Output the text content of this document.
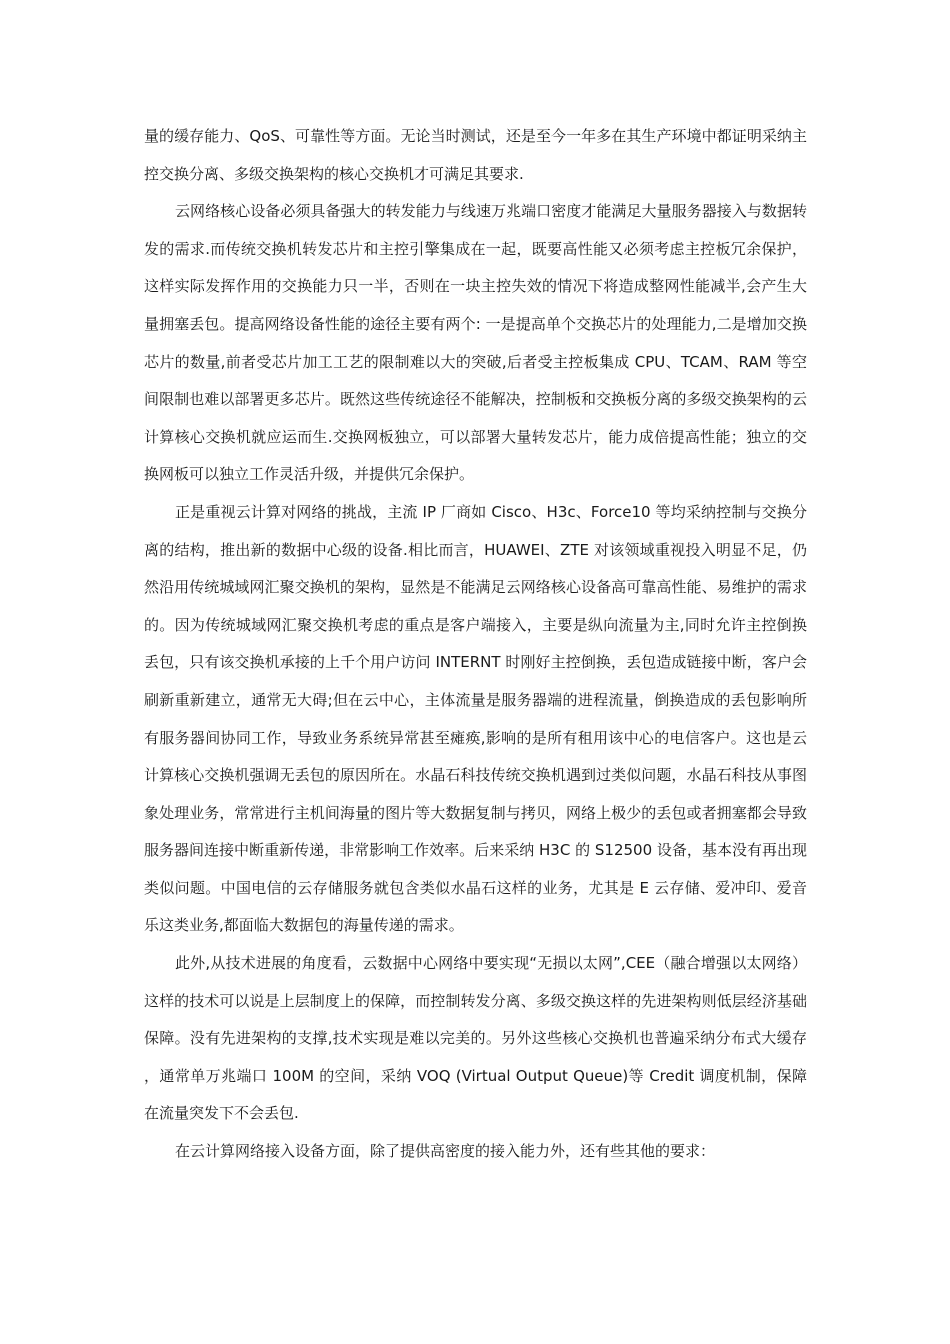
量的缓存能力、QoS、可靠性等方面。无论当时测试，还是至今一年多在其生产环境中都证明采纳主控交换分离、多级交换架构的核心交换机才可满足其要求.

云网络核心设备必须具备强大的转发能力与线速万兆端口密度才能满足大量服务器接入与数据转发的需求.而传统交换机转发芯片和主控引擎集成在一起，既要高性能又必须考虑主控板冗余保护，这样实际发挥作用的交换能力只一半，否则在一块主控失效的情况下将造成整网性能减半,会产生大量拥塞丢包。提高网络设备性能的途径主要有两个: 一是提高单个交换芯片的处理能力,二是增加交换芯片的数量,前者受芯片加工工艺的限制难以大的突破,后者受主控板集成 CPU、TCAM、RAM 等空间限制也难以部署更多芯片。既然这些传统途径不能解决，控制板和交换板分离的多级交换架构的云计算核心交换机就应运而生.交换网板独立，可以部署大量转发芯片，能力成倍提高性能；独立的交换网板可以独立工作灵活升级，并提供冗余保护。

正是重视云计算对网络的挑战，主流 IP 厂商如 Cisco、H3c、Force10 等均采纳控制与交换分离的结构，推出新的数据中心级的设备.相比而言，HUAWEI、ZTE 对该领域重视投入明显不足，仍然沿用传统城域网汇聚交换机的架构，显然是不能满足云网络核心设备高可靠高性能、易维护的需求的。因为传统城域网汇聚交换机考虑的重点是客户端接入，主要是纵向流量为主,同时允许主控倒换丢包，只有该交换机承接的上千个用户访问 INTERNT 时刚好主控倒换，丢包造成链接中断，客户会刷新重新建立，通常无大碍;但在云中心，主体流量是服务器端的进程流量，倒换造成的丢包影响所有服务器间协同工作，导致业务系统异常甚至瘫痪,影响的是所有租用该中心的电信客户。这也是云计算核心交换机强调无丢包的原因所在。水晶石科技传统交换机遇到过类似问题，水晶石科技从事图象处理业务，常常进行主机间海量的图片等大数据复制与拷贝，网络上极少的丢包或者拥塞都会导致服务器间连接中断重新传递，非常影响工作效率。后来采纳 H3C 的 S12500 设备，基本没有再出现类似问题。中国电信的云存储服务就包含类似水晶石这样的业务，尤其是 E 云存储、爱冲印、爱音乐这类业务,都面临大数据包的海量传递的需求。

此外,从技术进展的角度看，云数据中心网络中要实现“无损以太网”,CEE（融合增强以太网络）这样的技术可以说是上层制度上的保障，而控制转发分离、多级交换这样的先进架构则低层经济基础保障。没有先进架构的支撑,技术实现是难以完美的。另外这些核心交换机也普遍采纳分布式大缓存，通常单万兆端口 100M 的空间，采纳 VOQ (Virtual Output Queue)等 Credit 调度机制，保障在流量突发下不会丢包.

在云计算网络接入设备方面，除了提供高密度的接入能力外，还有些其他的要求：
